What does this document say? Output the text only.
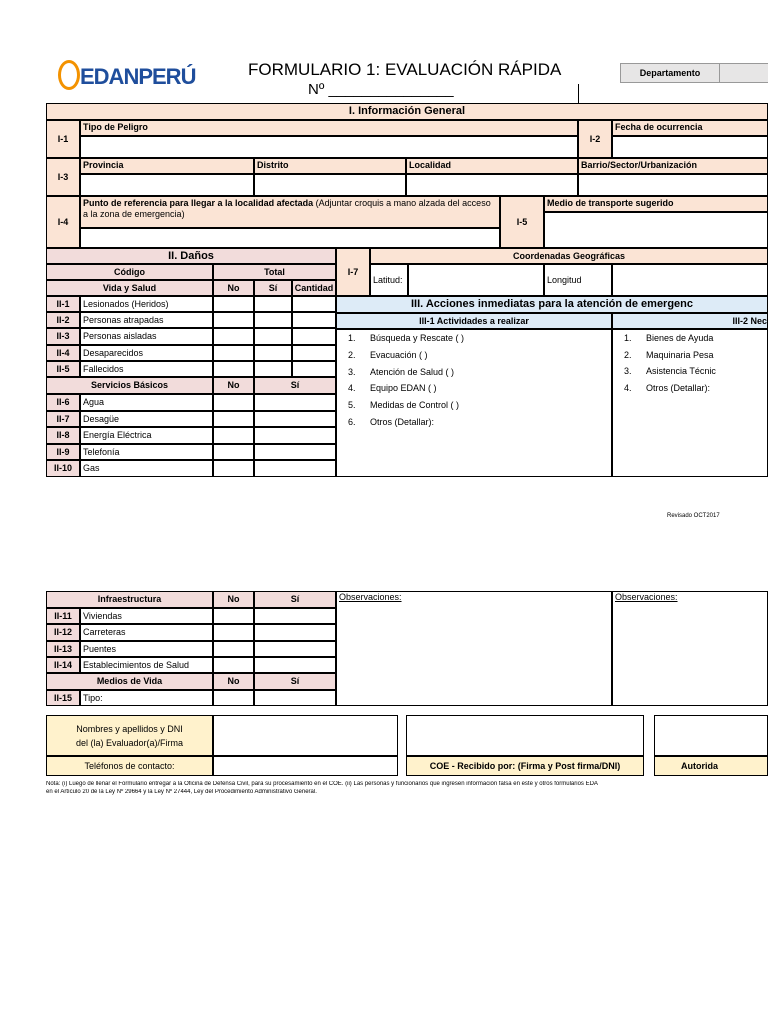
EDANPERÚ	FORMULARIO 1: EVALUACIÓN RÁPIDA
Nº _______________
Departamento
I. Información General
I-1
Tipo de Peligro
I-2
Fecha de ocurrencia
I-3
Provincia	Distrito	Localidad	Barrio/Sector/Urbanización
I-4
Punto de referencia para llegar a la localidad afectada (Adjuntar croquis a mano alzada del acceso a la zona de emergencia)
I-5
Medio de transporte sugerido
II. Daños
I-7
Coordenadas Geográficas
Latitud:	Longitud
Código	Total
Vida y Salud	No	Sí	Cantidad
II-1	Lesionados (Heridos)
II-2	Personas atrapadas
II-3	Personas aisladas
II-4	Desaparecidos
II-5	Fallecidos
Servicios Básicos	No	Sí
II-6	Agua
II-7	Desagüe
II-8	Energía Eléctrica
II-9	Telefonía
II-10	Gas
III. Acciones inmediatas para la atención de emergenc
III-1 Actividades a realizar	III-2 Nec
1. Búsqueda y Rescate ( )
2. Evacuación ( )
3. Atención de Salud ( )
4. Equipo EDAN ( )
5. Medidas de Control ( )
6. Otros (Detallar):
1. Bienes de Ayuda
2. Maquinaria Pesa
3. Asistencia Técnic
4. Otros (Detallar):
Revisado OCT2017
Infraestructura	No	Sí
II-11	Viviendas
II-12	Carreteras
II-13	Puentes
II-14	Establecimientos de Salud
Medios de Vida	No	Sí
II-15	Tipo:
Observaciones:	Observaciones:
Nombres y apellidos y DNI
del (la) Evaluador(a)/Firma
Teléfonos de contacto:	COE - Recibido por: (Firma y Post firma/DNI)	Autorida
Nota: (i) Luego de llenar el Formulario entregar a la Oficina de Defensa Civil, para su procesamiento en el COE. (ii) Las personas y funcionarios que ingresen información falsa en este y otros formularios EDA
en el Artículo 20 de la Ley Nº 29664 y la Ley Nº 27444, Ley del Procedimiento Administrativo General.
